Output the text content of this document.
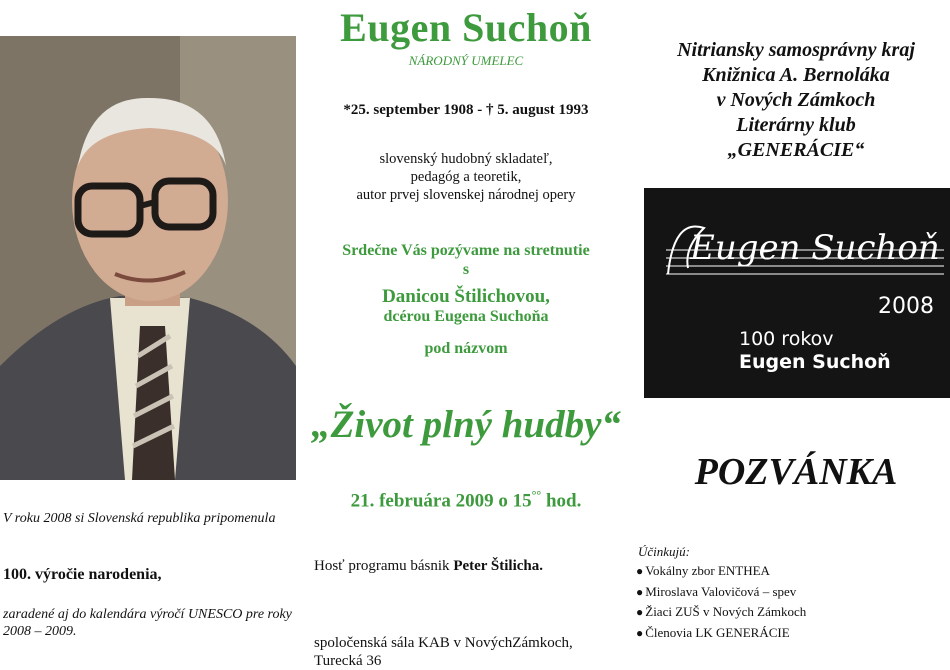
V roku 2008 si Slovenská republika pripomenula
100. výročie narodenia,
zaradené aj do kalendára výročí UNESCO pre roky 2008 – 2009.
Eugen Suchoň
NÁRODNÝ UMELEC
*25. september 1908 - † 5. august 1993
slovenský hudobný skladateľ,
pedagóg a teoretik,
autor prvej slovenskej národnej opery
Srdečne Vás pozývame na stretnutie
s
Danicou Štilichovou,
dcérou Eugena Suchoňa
pod názvom
„Život plný hudby“
21. februára 2009 o 15°° hod.
Hosť programu básnik Peter Štilicha.
spoločenská sála KAB v NovýchZámkoch,
Turecká 36
Nitriansky samosprávny kraj
Knižnica A. Bernoláka
v Nových Zámkoch
Literárny klub
„GENERÁCIE“
Eugen Suchoň
2008
100 rokov
Eugen Suchoň
POZVÁNKA
Účinkujú:
● Vokálny zbor ENTHEA
● Miroslava Valovičová – spev
● Žiaci ZUŠ v Nových Zámkoch
● Členovia LK GENERÁCIE
